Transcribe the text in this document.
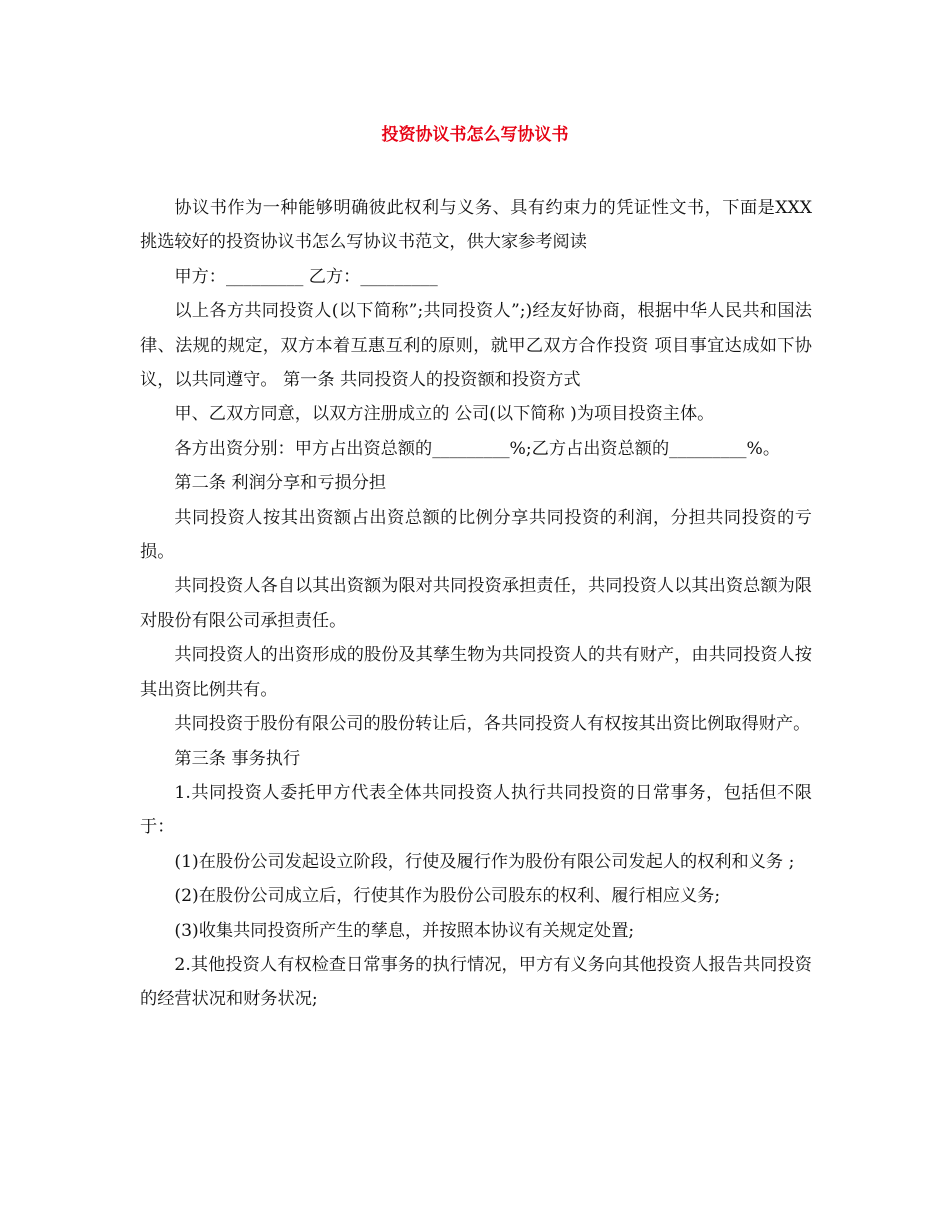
投资协议书怎么写协议书

协议书作为一种能够明确彼此权利与义务、具有约束力的凭证性文书，下面是XXX挑选较好的投资协议书怎么写协议书范文，供大家参考阅读

甲方：_________ 乙方：_________

以上各方共同投资人(以下简称”;共同投资人”;)经友好协商，根据中华人民共和国法律、法规的规定，双方本着互惠互利的原则，就甲乙双方合作投资 项目事宜达成如下协议，以共同遵守。 第一条 共同投资人的投资额和投资方式

甲、乙双方同意，以双方注册成立的 公司(以下简称 )为项目投资主体。

各方出资分别：甲方占出资总额的_________%;乙方占出资总额的_________%。

第二条 利润分享和亏损分担

共同投资人按其出资额占出资总额的比例分享共同投资的利润，分担共同投资的亏损。

共同投资人各自以其出资额为限对共同投资承担责任，共同投资人以其出资总额为限对股份有限公司承担责任。

共同投资人的出资形成的股份及其孳生物为共同投资人的共有财产，由共同投资人按其出资比例共有。

共同投资于股份有限公司的股份转让后，各共同投资人有权按其出资比例取得财产。

第三条 事务执行

1.共同投资人委托甲方代表全体共同投资人执行共同投资的日常事务，包括但不限于：

(1)在股份公司发起设立阶段，行使及履行作为股份有限公司发起人的权利和义务 ;

(2)在股份公司成立后，行使其作为股份公司股东的权利、履行相应义务;

(3)收集共同投资所产生的孳息，并按照本协议有关规定处置;

2.其他投资人有权检查日常事务的执行情况，甲方有义务向其他投资人报告共同投资的经营状况和财务状况;
